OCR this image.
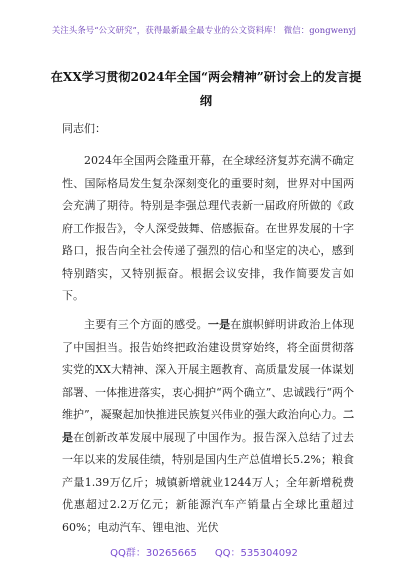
关注头条号“公文研究”，获得最新最全最专业的公文资料库！ 微信：gongwenyj
在XX学习贯彻2024年全国“两会精神”研讨会上的发言提纲
同志们：
2024年全国两会隆重开幕，在全球经济复苏充满不确定性、国际格局发生复杂深刻变化的重要时刻，世界对中国两会充满了期待。特别是李强总理代表新一届政府所做的《政府工作报告》，令人深受鼓舞、倍感振奋。在世界发展的十字路口，报告向全社会传递了强烈的信心和坚定的决心，感到特别踏实，又特别振奋。根据会议安排，我作简要发言如下。
主要有三个方面的感受。一是在旗帜鲜明讲政治上体现了中国担当。报告始终把政治建设贯穿始终，将全面贯彻落实党的XX大精神、深入开展主题教育、高质量发展一体谋划部署、一体推进落实，衷心拥护“两个确立”、忠诚践行“两个维护”，凝聚起加快推进民族复兴伟业的强大政治向心力。二是在创新改革发展中展现了中国作为。报告深入总结了过去一年以来的发展佳绩，特别是国内生产总值增长5.2%；粮食产量1.39万亿斤；城镇新增就业1244万人；全年新增税费优惠超过2.2万亿元；新能源汽车产销量占全球比重超过60%；电动汽车、锂电池、光伏
QQ群：30265665 QQ：535304092
